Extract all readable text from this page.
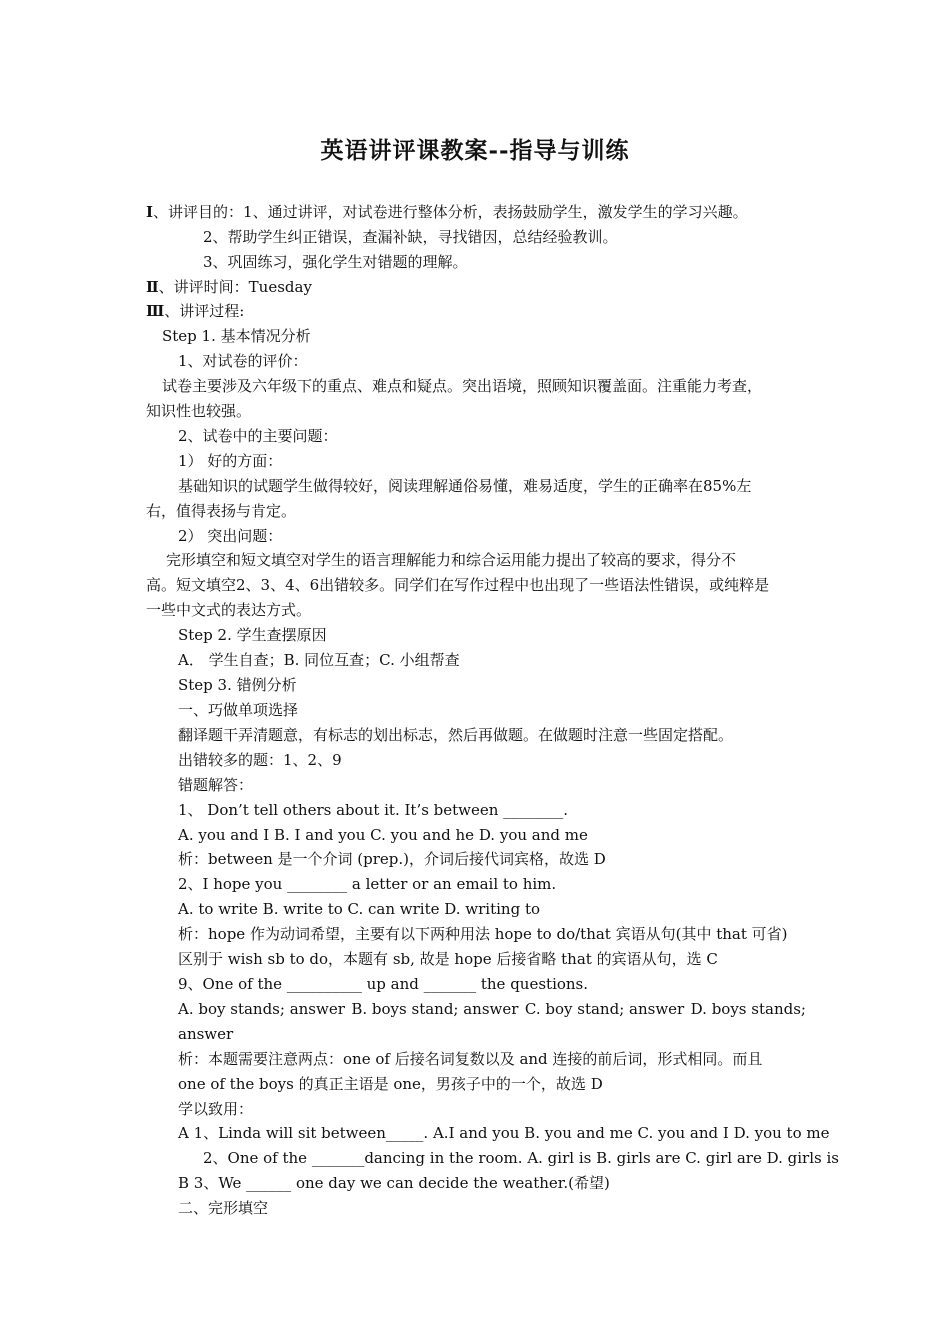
英语讲评课教案--指导与训练
Ⅰ、讲评目的：1、通过讲评，对试卷进行整体分析，表扬鼓励学生，激发学生的学习兴趣。
2、帮助学生纠正错误，查漏补缺，寻找错因，总结经验教训。
3、巩固练习，强化学生对错题的理解。
Ⅱ、讲评时间：Tuesday
Ⅲ、讲评过程:
Step 1. 基本情况分析
1、对试卷的评价：
试卷主要涉及六年级下的重点、难点和疑点。突出语境，照顾知识覆盖面。注重能力考查，
知识性也较强。
2、试卷中的主要问题：
1） 好的方面：
基础知识的试题学生做得较好，阅读理解通俗易懂，难易适度，学生的正确率在85%左
右，值得表扬与肯定。
2） 突出问题：
完形填空和短文填空对学生的语言理解能力和综合运用能力提出了较高的要求，得分不
高。短文填空2、3、4、6出错较多。同学们在写作过程中也出现了一些语法性错误，或纯粹是
一些中文式的表达方式。
Step 2. 学生查摆原因
A． 学生自查；B. 同位互查；C. 小组帮查
Step 3. 错例分析
一、巧做单项选择
翻译题干弄清题意，有标志的划出标志，然后再做题。在做题时注意一些固定搭配。
出错较多的题：1、2、9
错题解答：
1、 Don’t tell others about it. It’s between ________.
A. you and I B. I and you C. you and he D. you and me
析：between 是一个介词 (prep.)，介词后接代词宾格，故选 D
2、I hope you ________ a letter or an email to him.
A. to write B. write to C. can write D. writing to
析：hope 作为动词希望，主要有以下两种用法 hope to do/that 宾语从句(其中 that 可省)
区别于 wish sb to do，本题有 sb, 故是 hope 后接省略 that 的宾语从句，选 C
9、One of the __________ up and _______ the questions.
A. boy stands; answer B. boys stand; answer C. boy stand; answer D. boys stands;
answer
析：本题需要注意两点：one of 后接名词复数以及 and 连接的前后词，形式相同。而且
one of the boys 的真正主语是 one，男孩子中的一个，故选 D
学以致用：
A 1、Linda will sit between_____. A.I and you B. you and me C. you and I D. you to me
2、One of the _______dancing in the room. A. girl is B. girls are C. girl are D. girls is
B 3、We ______ one day we can decide the weather.(希望)
二、完形填空
